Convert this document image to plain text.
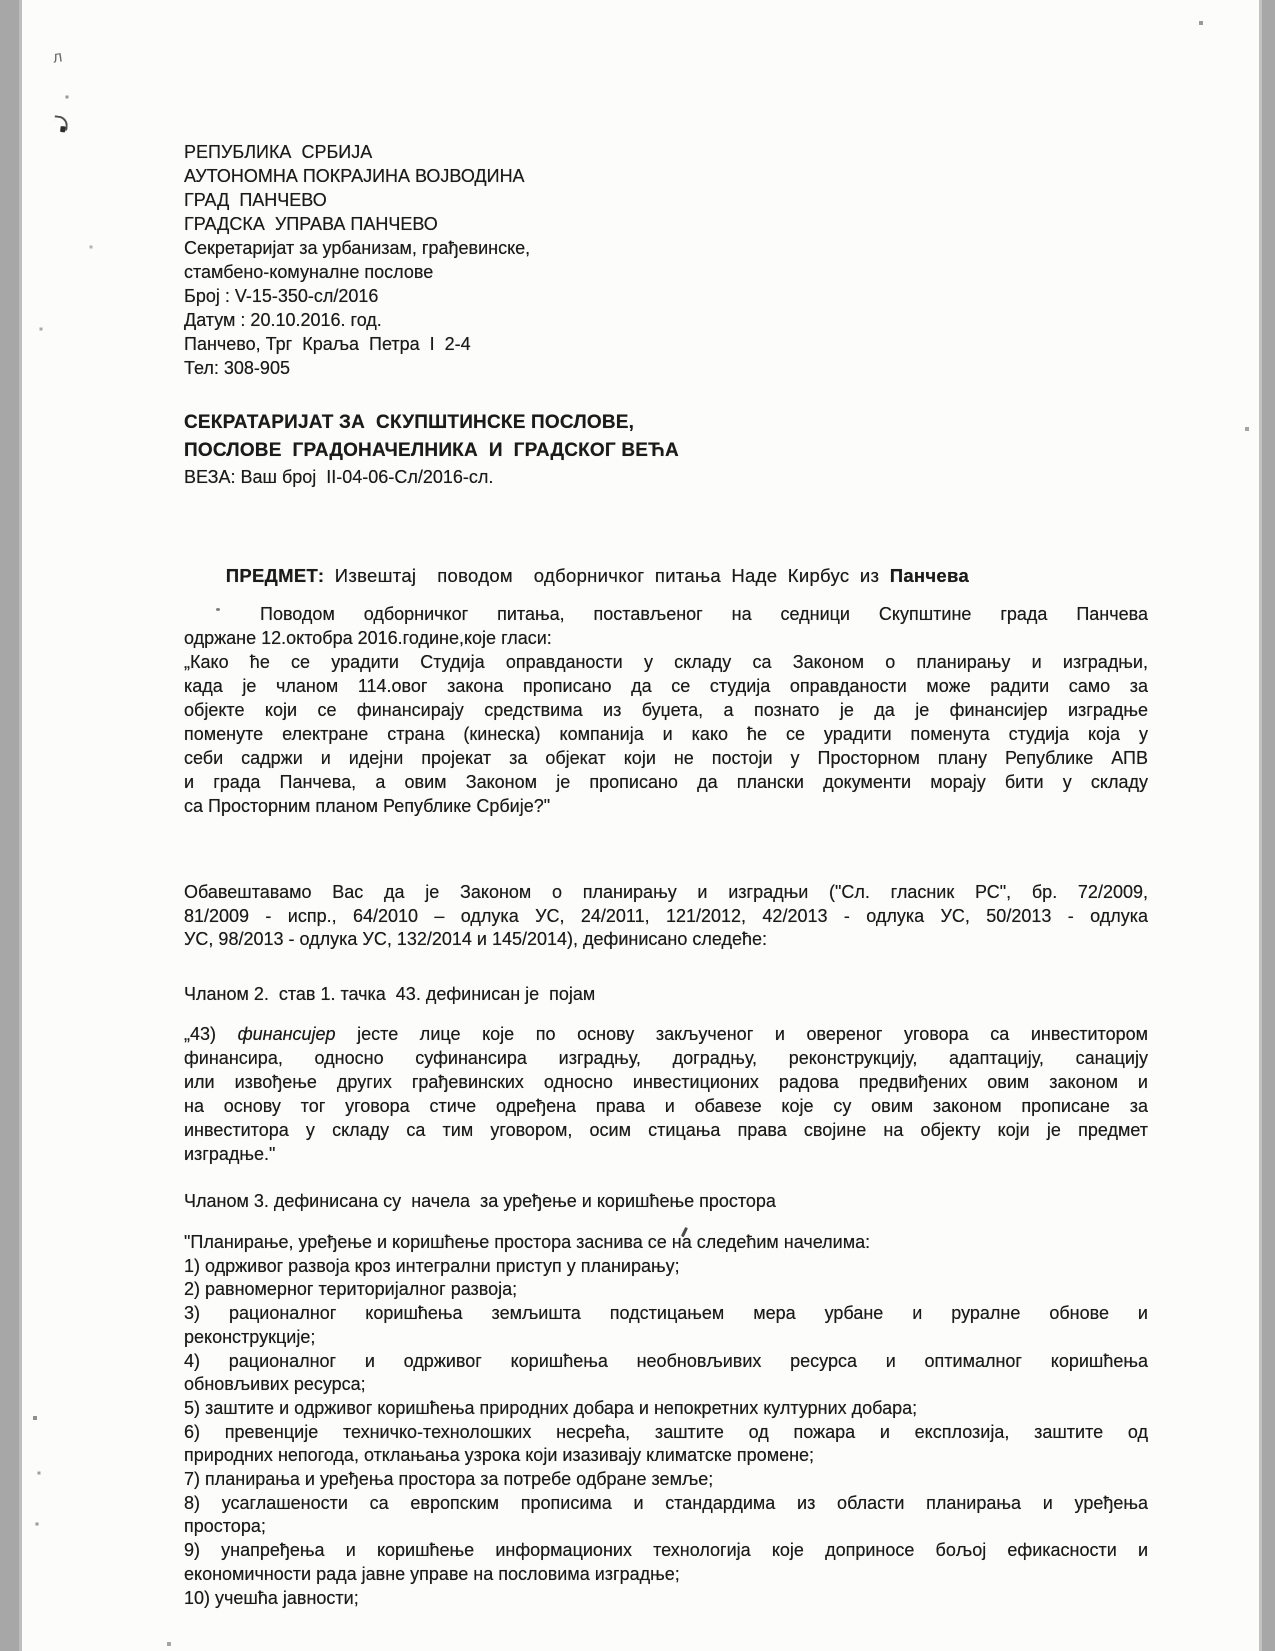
л
РЕПУБЛИКА  СРБИЈА
АУТОНОМНА ПОКРАЈИНА ВОЈВОДИНА
ГРАД  ПАНЧЕВО
ГРАДСКА  УПРАВА ПАНЧЕВО
Секретаријат за урбанизам, грађевинске,
стамбено-комуналне послове
Број : V-15-350-сл/2016
Датум : 20.10.2016. год.
Панчево, Трг  Краља  Петра  I  2-4
Тел: 308-905
СЕКРАТАРИЈАТ ЗА  СКУПШТИНСКЕ ПОСЛОВЕ,
ПОСЛОВЕ  ГРАДОНАЧЕЛНИКА  И  ГРАДСКОГ ВЕЋА
ВЕЗА: Ваш број  II-04-06-Сл/2016-сл.

ПРЕДМЕТ: Извештај  поводом  одборничког питања Наде Кирбус из Панчева

Поводом одборничког питања, постављеног на седници Скупштине града Панчева
одржане 12.октобра 2016.године,које гласи:
„Како ће се урадити Студија оправданости у складу са Законом о планирању и изградњи,
када је чланом 114.овог закона прописано да се студија оправданости може радити само за
објекте који се финансирају средствима из буџета, а познато је да је финансијер изградње
поменуте електране страна (кинеска) компанија и како ће се урадити поменута студија која у
себи садржи и идејни пројекат за објекат који не постоји у Просторном плану Републике АПВ
и града Панчева, а овим Законом је прописано да плански документи морају бити у складу
са Просторним планом Републике Србије?"
Обавештавамо Вас да је Законом о планирању и изградњи ("Сл. гласник РС", бр. 72/2009,
81/2009 - испр., 64/2010 – одлука УС, 24/2011, 121/2012, 42/2013 - одлука УС, 50/2013 - одлука
УС, 98/2013 - одлука УС, 132/2014 и 145/2014), дефинисано следеће:
Чланом 2.  став 1. тачка  43. дефинисан је  појам
„43) финансијер јесте лице које по основу закљученог и овереног уговора са инвеститором
финансира, односно суфинансира изградњу, доградњу, реконструкцију, адаптацију, санацију
или извођење других грађевинских односно инвестиционих радова предвиђених овим законом и
на основу тог уговора стиче одређена права и обавезе које су овим законом прописане за
инвеститора у складу са тим уговором, осим стицања права својине на објекту који је предмет
изградње."
Чланом 3. дефинисана су  начела  за уређење и коришћење простора
"Планирање, уређење и коришћење простора заснива се на следећим начелима:
1) одрживог развоја кроз интегрални приступ у планирању;
2) равномерног територијалног развоја;
3) рационалног коришћења земљишта подстицањем мера урбане и руралне обнове и
реконструкције;
4) рационалног и одрживог коришћења необновљивих ресурса и оптималног коришћења
обновљивих ресурса;
5) заштите и одрживог коришћења природних добара и непокретних културних добара;
6) превенције техничко-технолошких несрећа, заштите од пожара и експлозија, заштите од
природних непогода, отклањања узрока који изазивају климатске промене;
7) планирања и уређења простора за потребе одбране земље;
8) усаглашености са европским прописима и стандардима из области планирања и уређења
простора;
9) унапређења и коришћење информационих технологија које доприносе бољој ефикасности и
економичности рада јавне управе на пословима изградње;
10) учешћа јавности;
